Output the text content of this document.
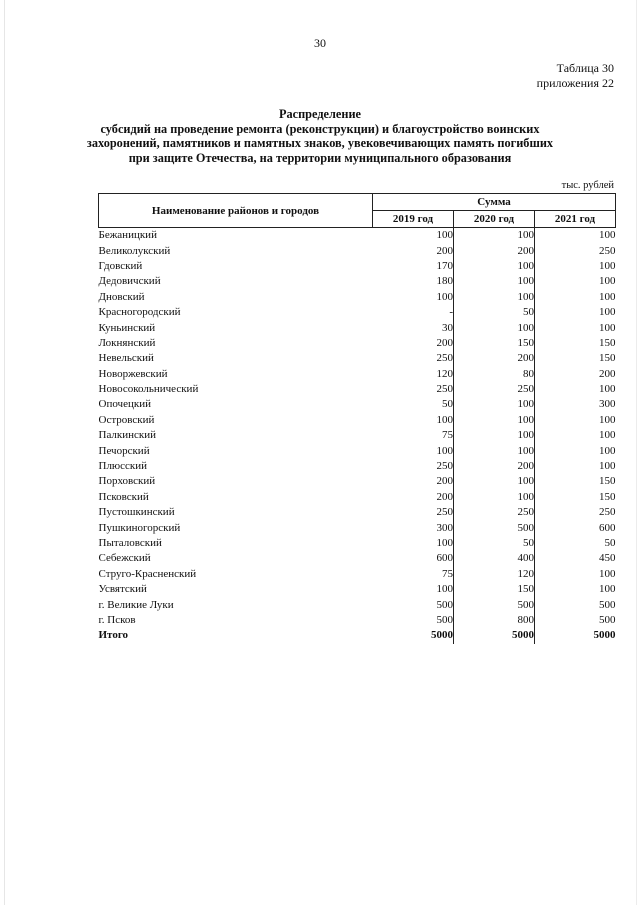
30
Таблица 30
приложения 22
Распределение
субсидий на проведение ремонта (реконструкции) и благоустройство воинских
захоронений, памятников и памятных знаков, увековечивающих память погибших
при защите Отечества, на территории муниципального образования
тыс. рублей
Наименование районов и городов	Сумма		
	2019 год	2020 год	2021 год
Бежаницкий	100	100	100
Великолукский	200	200	250
Гдовский	170	100	100
Дедовичский	180	100	100
Дновский	100	100	100
Красногородский	-	50	100
Куньинский	30	100	100
Локнянский	200	150	150
Невельский	250	200	150
Новоржевский	120	80	200
Новосокольнический	250	250	100
Опочецкий	50	100	300
Островский	100	100	100
Палкинский	75	100	100
Печорский	100	100	100
Плюсский	250	200	100
Порховский	200	100	150
Псковский	200	100	150
Пустошкинский	250	250	250
Пушкиногорский	300	500	600
Пыталовский	100	50	50
Себежский	600	400	450
Струго-Красненский	75	120	100
Усвятский	100	150	100
г. Великие Луки	500	500	500
г. Псков	500	800	500
Итого	5000	5000	5000
